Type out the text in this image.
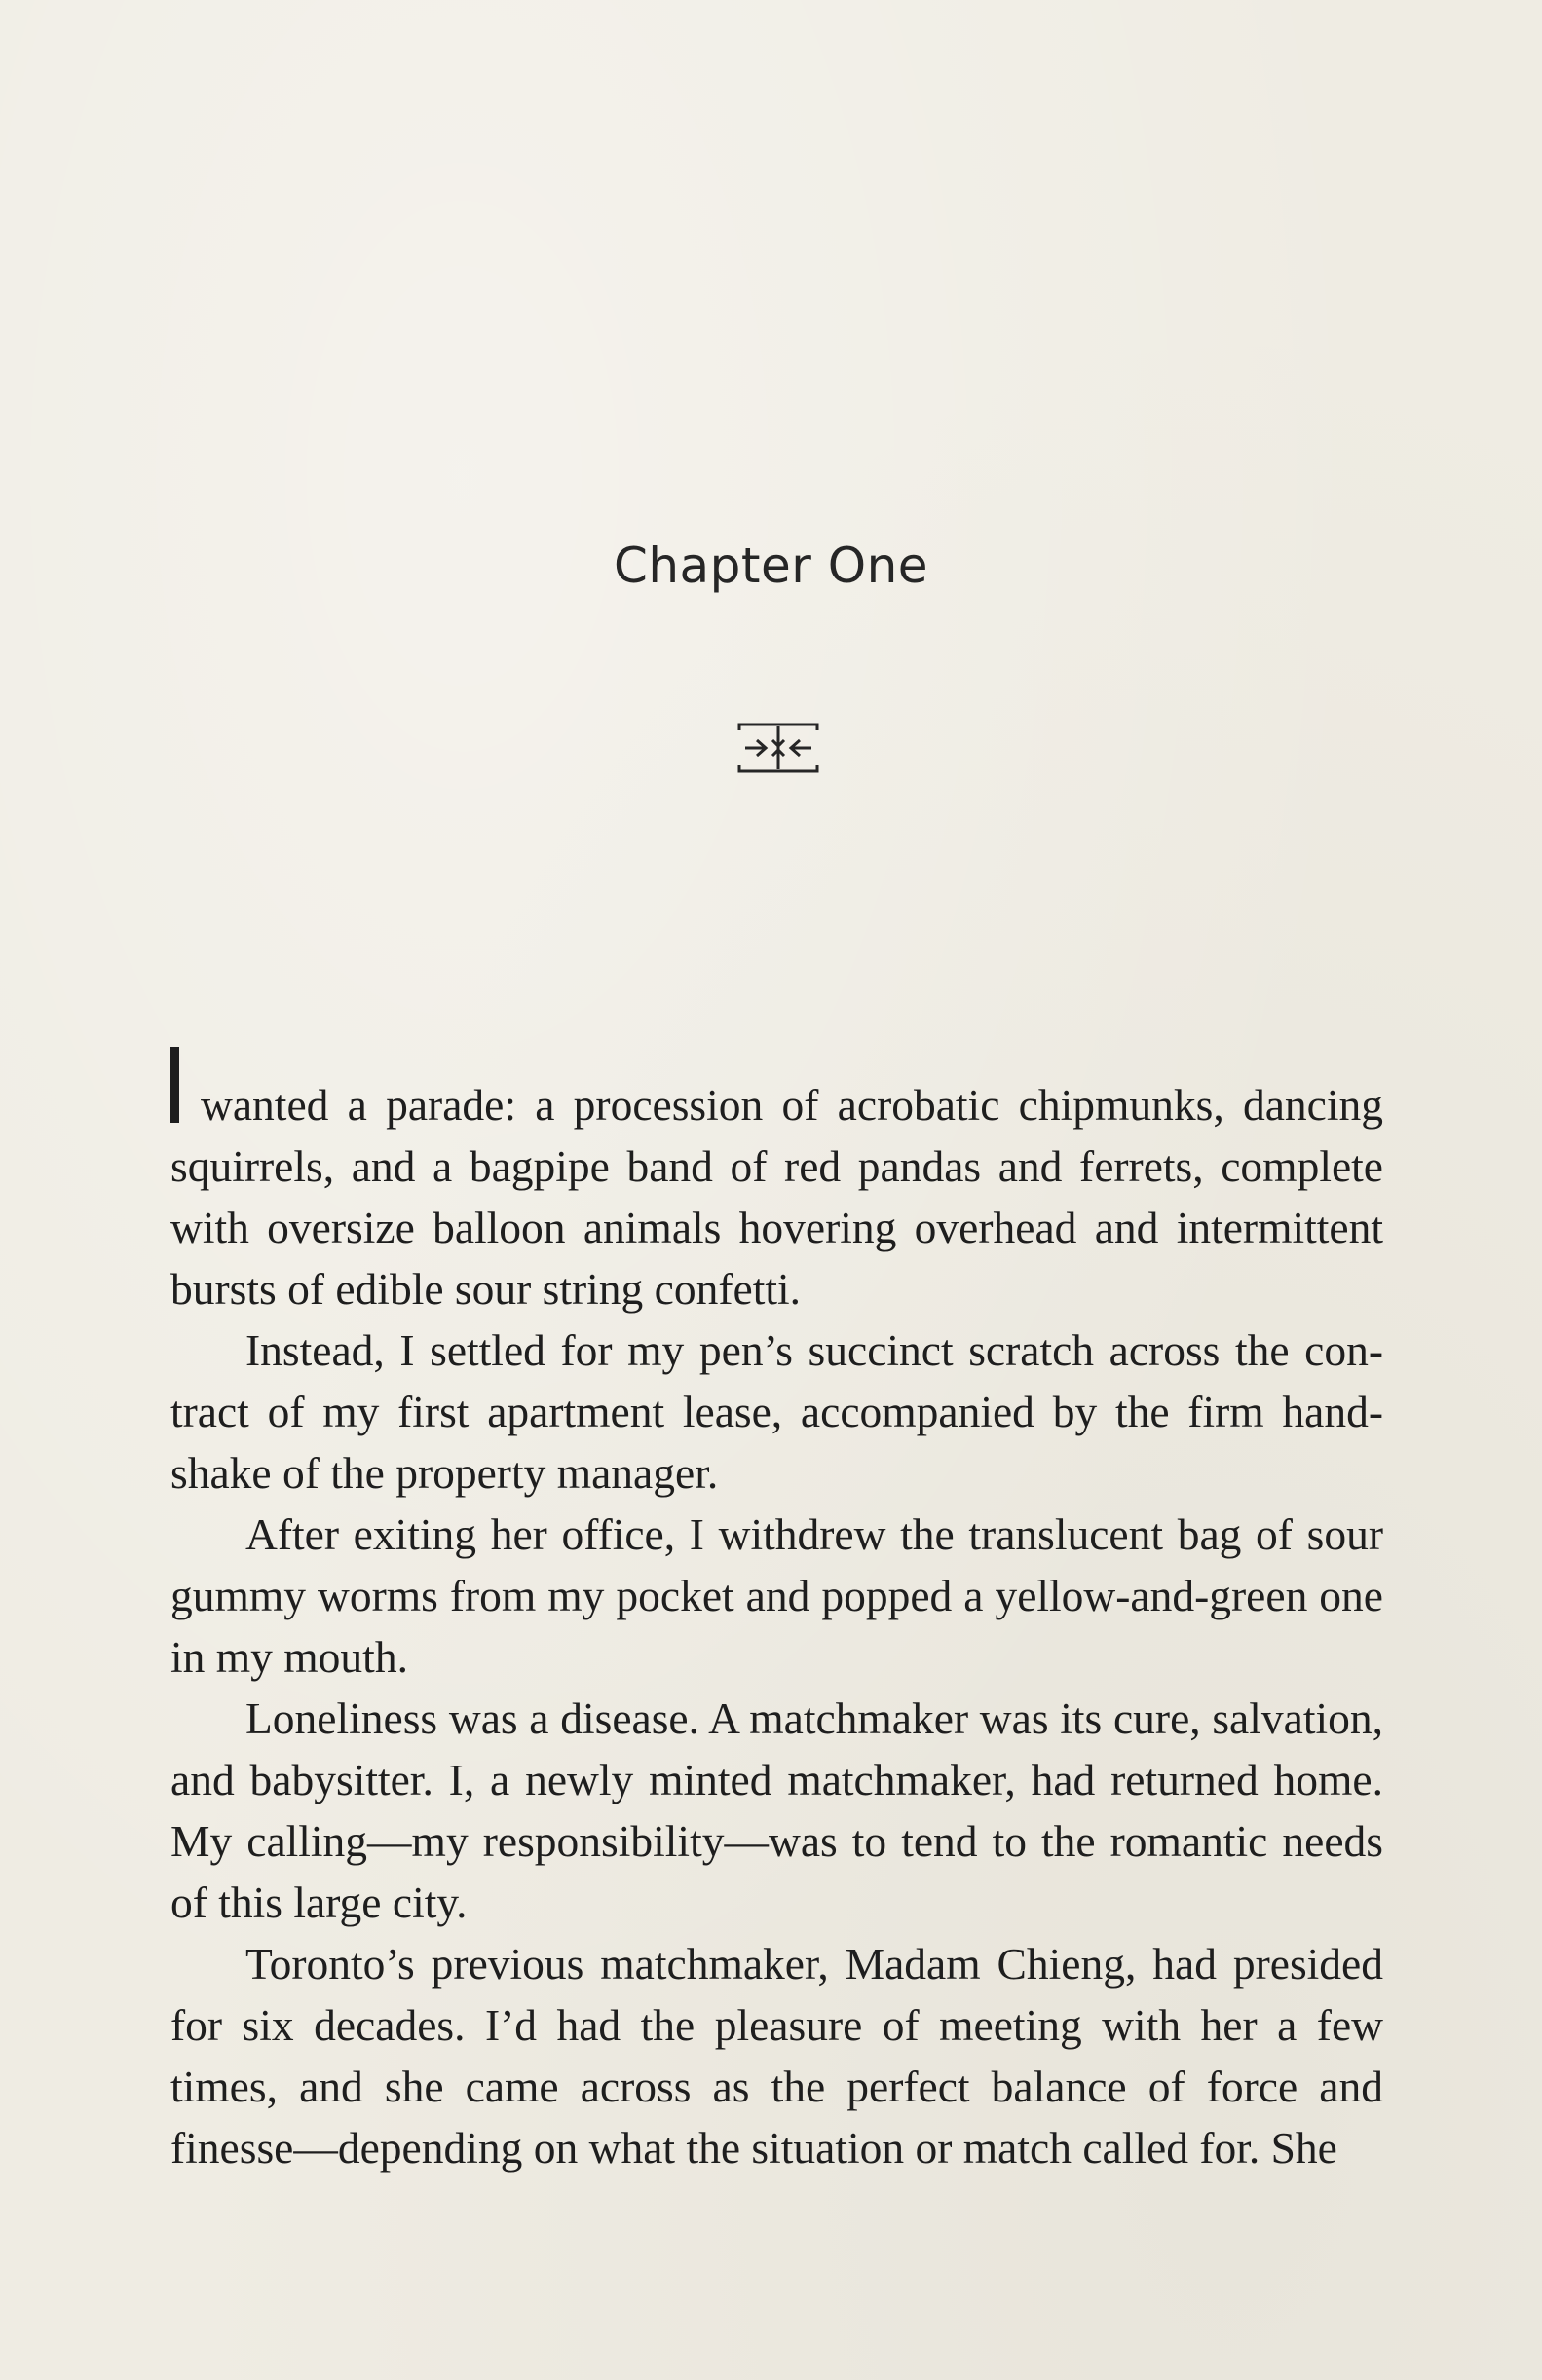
Chapter One

wanted a parade: a procession of acrobatic chipmunks, dancing squirrels, and a bagpipe band of red pandas and ferrets, complete with oversize balloon animals hovering overhead and intermittent bursts of edible sour string confetti.

Instead, I settled for my pen’s succinct scratch across the contract of my first apartment lease, accompanied by the firm handshake of the property manager.

After exiting her office, I withdrew the translucent bag of sour gummy worms from my pocket and popped a yellow-and-green one in my mouth.

Loneliness was a disease. A matchmaker was its cure, salvation, and babysitter. I, a newly minted matchmaker, had returned home. My calling—my responsibility—was to tend to the romantic needs of this large city.

Toronto’s previous matchmaker, Madam Chieng, had presided for six decades. I’d had the pleasure of meeting with her a few times, and she came across as the perfect balance of force and finesse—depending on what the situation or match called for. She
